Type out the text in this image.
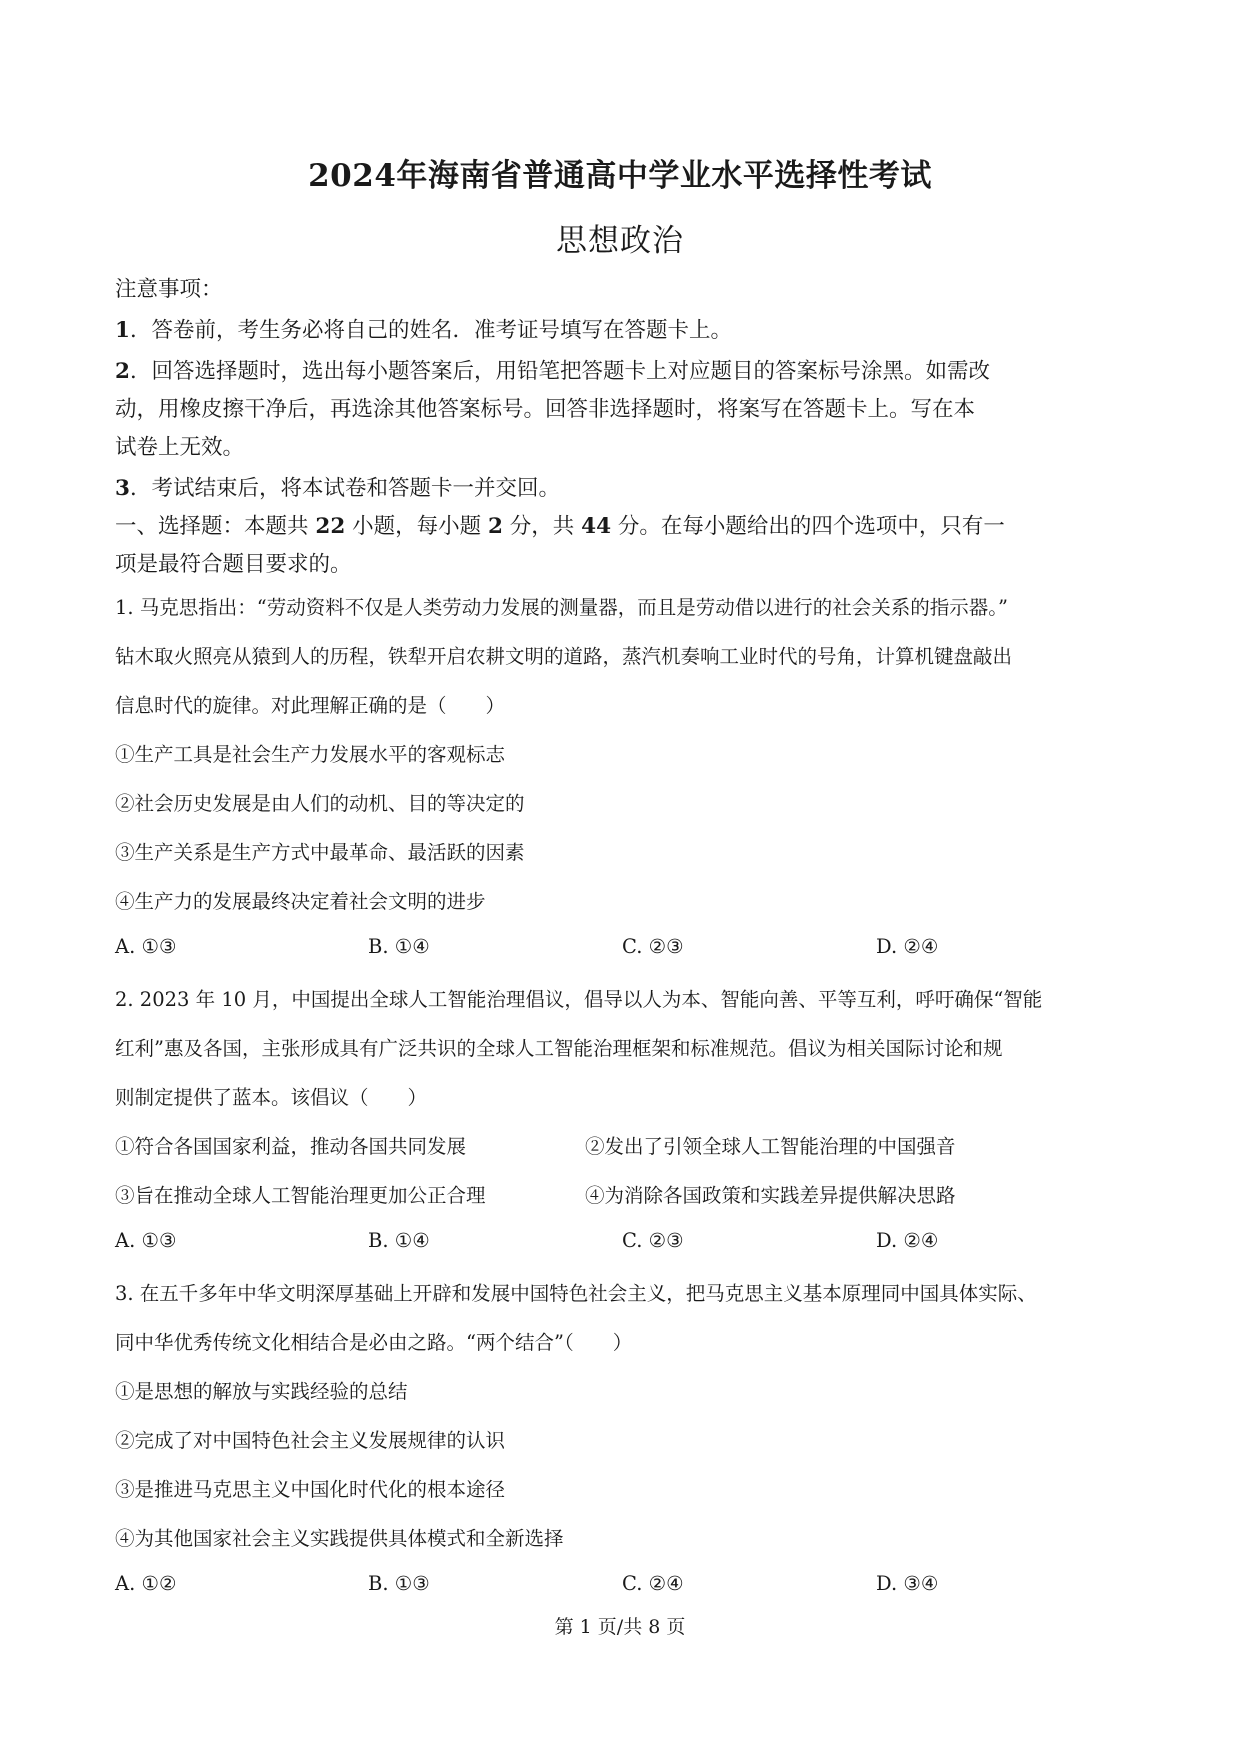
2024年海南省普通高中学业水平选择性考试
思想政治
注意事项：
1．答卷前，考生务必将自己的姓名．准考证号填写在答题卡上。
2．回答选择题时，选出每小题答案后，用铅笔把答题卡上对应题目的答案标号涂黑。如需改
动，用橡皮擦干净后，再选涂其他答案标号。回答非选择题时，将案写在答题卡上。写在本
试卷上无效。
3．考试结束后，将本试卷和答题卡一并交回。
一、选择题：本题共 22 小题，每小题 2 分，共 44 分。在每小题给出的四个选项中，只有一
项是最符合题目要求的。
1. 马克思指出：“劳动资料不仅是人类劳动力发展的测量器，而且是劳动借以进行的社会关系的指示器。”
钻木取火照亮从猿到人的历程，铁犁开启农耕文明的道路，蒸汽机奏响工业时代的号角，计算机键盘敲出
信息时代的旋律。对此理解正确的是（　　）
①生产工具是社会生产力发展水平的客观标志
②社会历史发展是由人们的动机、目的等决定的
③生产关系是生产方式中最革命、最活跃的因素
④生产力的发展最终决定着社会文明的进步
A. ①③	B. ①④	C. ②③	D. ②④
2. 2023 年 10 月，中国提出全球人工智能治理倡议，倡导以人为本、智能向善、平等互利，呼吁确保“智能
红利”惠及各国，主张形成具有广泛共识的全球人工智能治理框架和标准规范。倡议为相关国际讨论和规
则制定提供了蓝本。该倡议（　　）
①符合各国国家利益，推动各国共同发展	②发出了引领全球人工智能治理的中国强音
③旨在推动全球人工智能治理更加公正合理	④为消除各国政策和实践差异提供解决思路
A. ①③	B. ①④	C. ②③	D. ②④
3. 在五千多年中华文明深厚基础上开辟和发展中国特色社会主义，把马克思主义基本原理同中国具体实际、
同中华优秀传统文化相结合是必由之路。“两个结合”（　　）
①是思想的解放与实践经验的总结
②完成了对中国特色社会主义发展规律的认识
③是推进马克思主义中国化时代化的根本途径
④为其他国家社会主义实践提供具体模式和全新选择
A. ①②	B. ①③	C. ②④	D. ③④
第 1 页/共 8 页
